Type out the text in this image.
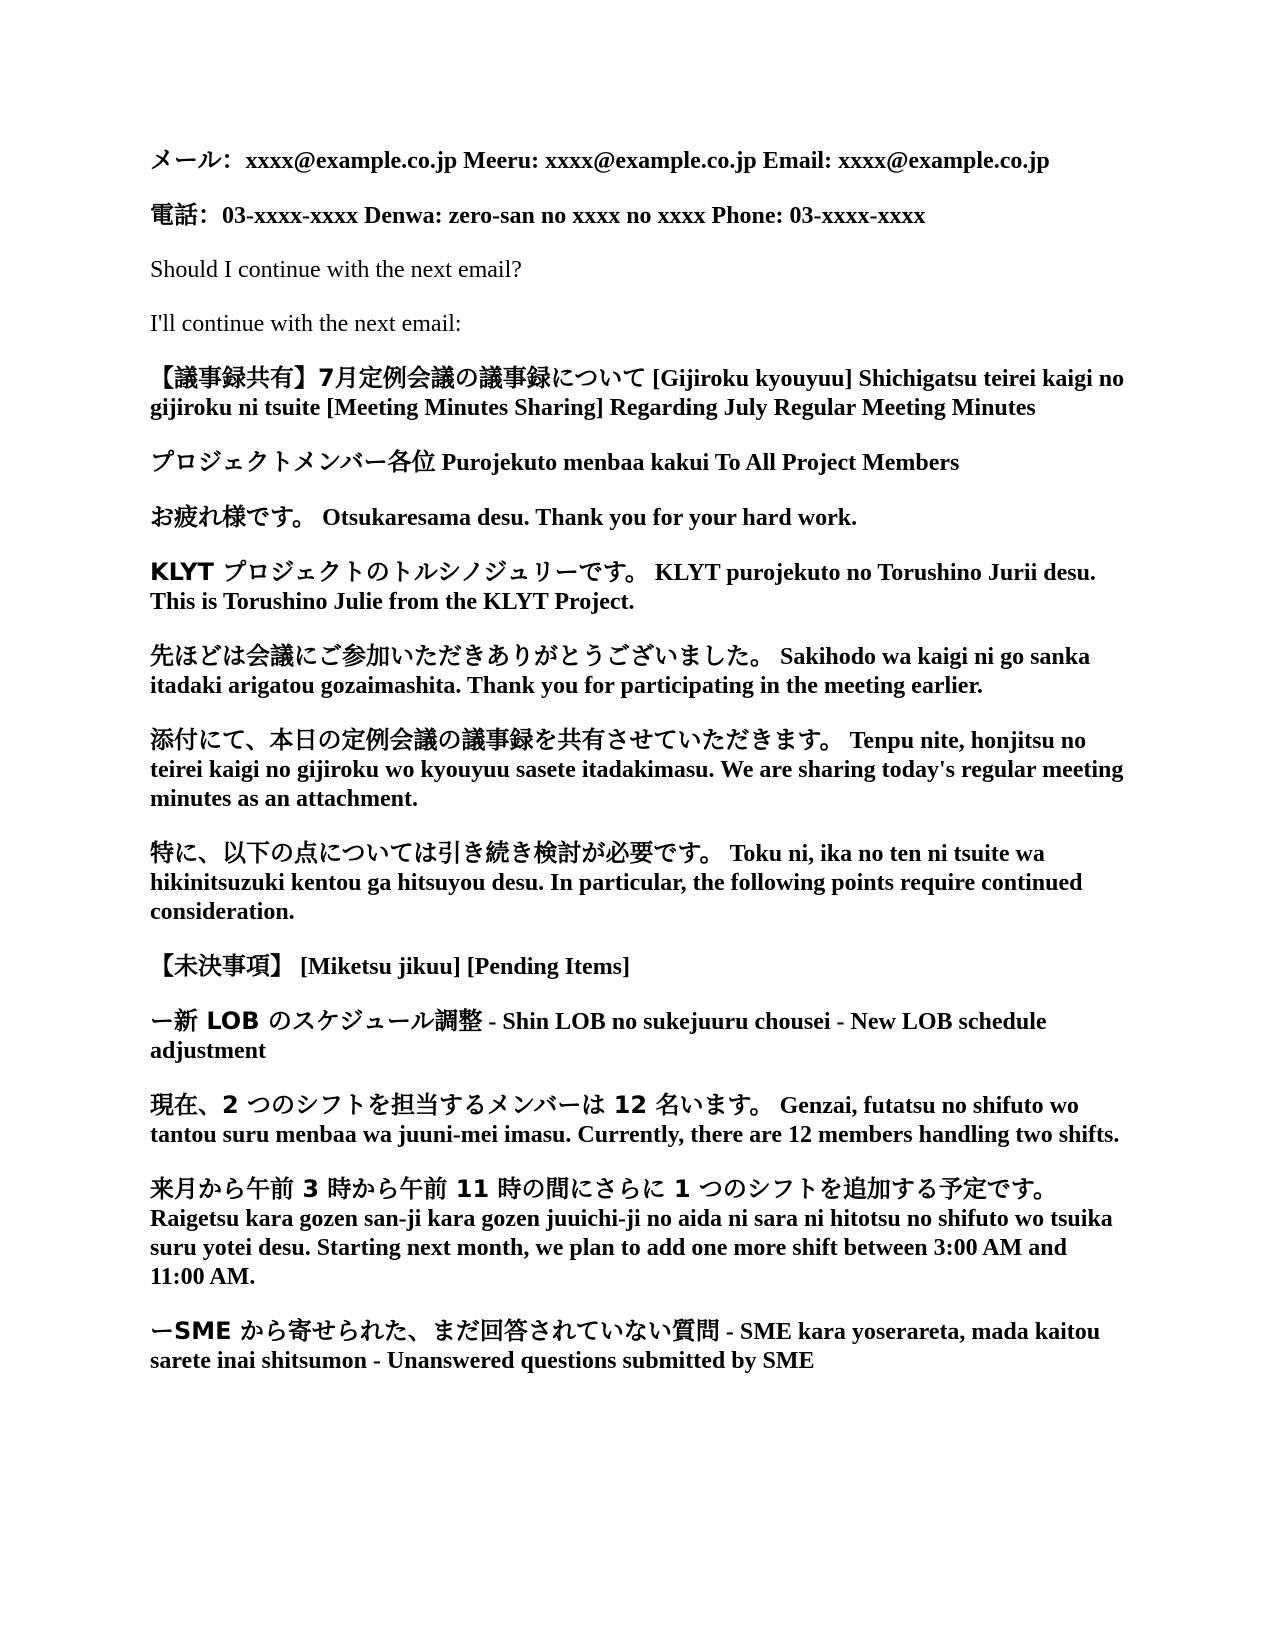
メール：xxxx@example.co.jp Meeru: xxxx@example.co.jp Email: xxxx@example.co.jp

電話：03-xxxx-xxxx Denwa: zero-san no xxxx no xxxx Phone: 03-xxxx-xxxx

Should I continue with the next email?

I'll continue with the next email:

【議事録共有】7月定例会議の議事録について [Gijiroku kyouyuu] Shichigatsu teirei kaigi no gijiroku ni tsuite [Meeting Minutes Sharing] Regarding July Regular Meeting Minutes

プロジェクトメンバー各位 Purojekuto menbaa kakui To All Project Members

お疲れ様です。 Otsukaresama desu. Thank you for your hard work.

KLYT プロジェクトのトルシノジュリーです。 KLYT purojekuto no Torushino Jurii desu. This is Torushino Julie from the KLYT Project.

先ほどは会議にご参加いただきありがとうございました。 Sakihodo wa kaigi ni go sanka itadaki arigatou gozaimashita. Thank you for participating in the meeting earlier.

添付にて、本日の定例会議の議事録を共有させていただきます。 Tenpu nite, honjitsu no teirei kaigi no gijiroku wo kyouyuu sasete itadakimasu. We are sharing today's regular meeting minutes as an attachment.

特に、以下の点については引き続き検討が必要です。 Toku ni, ika no ten ni tsuite wa hikinitsuzuki kentou ga hitsuyou desu. In particular, the following points require continued consideration.

【未決事項】 [Miketsu jikuu] [Pending Items]

ー新 LOB のスケジュール調整 - Shin LOB no sukejuuru chousei - New LOB schedule adjustment

現在、2 つのシフトを担当するメンバーは 12 名います。 Genzai, futatsu no shifuto wo tantou suru menbaa wa juuni-mei imasu. Currently, there are 12 members handling two shifts.

来月から午前 3 時から午前 11 時の間にさらに 1 つのシフトを追加する予定です。 Raigetsu kara gozen san-ji kara gozen juuichi-ji no aida ni sara ni hitotsu no shifuto wo tsuika suru yotei desu. Starting next month, we plan to add one more shift between 3:00 AM and 11:00 AM.

ーSME から寄せられた、まだ回答されていない質問 - SME kara yoserareta, mada kaitou sarete inai shitsumon - Unanswered questions submitted by SME
